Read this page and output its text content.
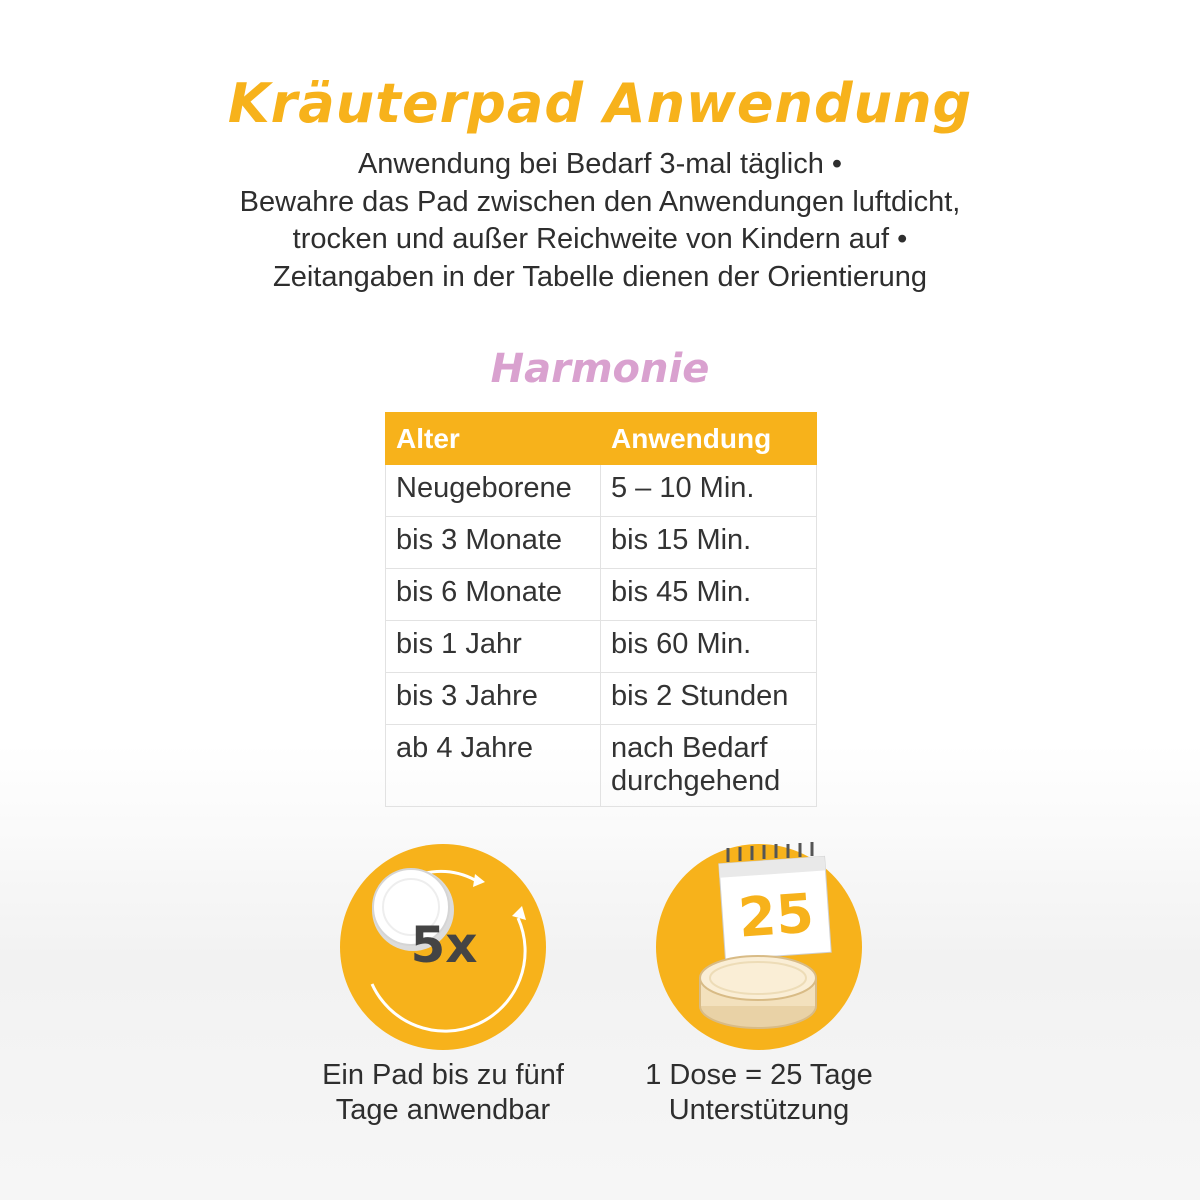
Kräuterpad Anwendung
Anwendung bei Bedarf 3-mal täglich •
Bewahre das Pad zwischen den Anwendungen luftdicht,
trocken und außer Reichweite von Kindern auf •
Zeitangaben in der Tabelle dienen der Orientierung
Harmonie
Alter	Anwendung
Neugeborene	5 – 10 Min.
bis 3 Monate	bis 15 Min.
bis 6 Monate	bis 45 Min.
bis 1 Jahr	bis 60 Min.
bis 3 Jahre	bis 2 Stunden
ab 4 Jahre	nach Bedarf durchgehend
5x
Ein Pad bis zu fünf
Tage anwendbar
25
1 Dose = 25 Tage
Unterstützung
